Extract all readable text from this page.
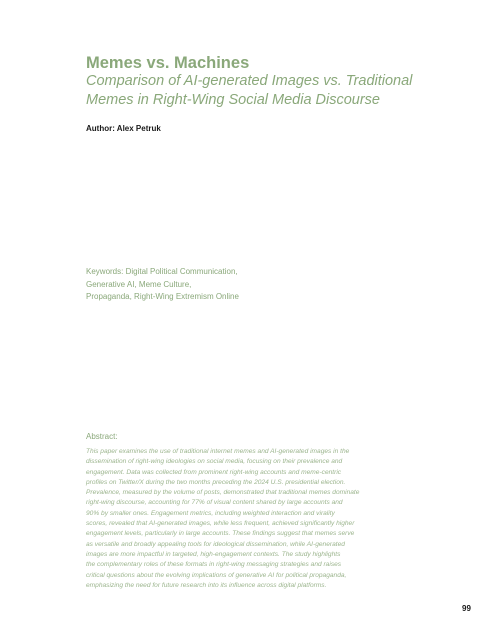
Memes vs. Machines
Comparison of AI-generated Images vs. Traditional
Memes in Right-Wing Social Media Discourse
Author: Alex Petruk
Keywords: Digital Political Communication,
Generative AI, Meme Culture,
Propaganda, Right-Wing Extremism Online
Abstract:
This paper examines the use of traditional internet memes and AI-generated images in the
dissemination of right-wing ideologies on social media, focusing on their prevalence and
engagement. Data was collected from prominent right-wing accounts and meme-centric
profiles on Twitter/X during the two months preceding the 2024 U.S. presidential election.
Prevalence, measured by the volume of posts, demonstrated that traditional memes dominate
right-wing discourse, accounting for 77% of visual content shared by large accounts and
90% by smaller ones. Engagement metrics, including weighted interaction and virality
scores, revealed that AI-generated images, while less frequent, achieved significantly higher
engagement levels, particularly in large accounts. These findings suggest that memes serve
as versatile and broadly appealing tools for ideological dissemination, while AI-generated
images are more impactful in targeted, high-engagement contexts. The study highlights
the complementary roles of these formats in right-wing messaging strategies and raises
critical questions about the evolving implications of generative AI for political propaganda,
emphasizing the need for future research into its influence across digital platforms.
99
